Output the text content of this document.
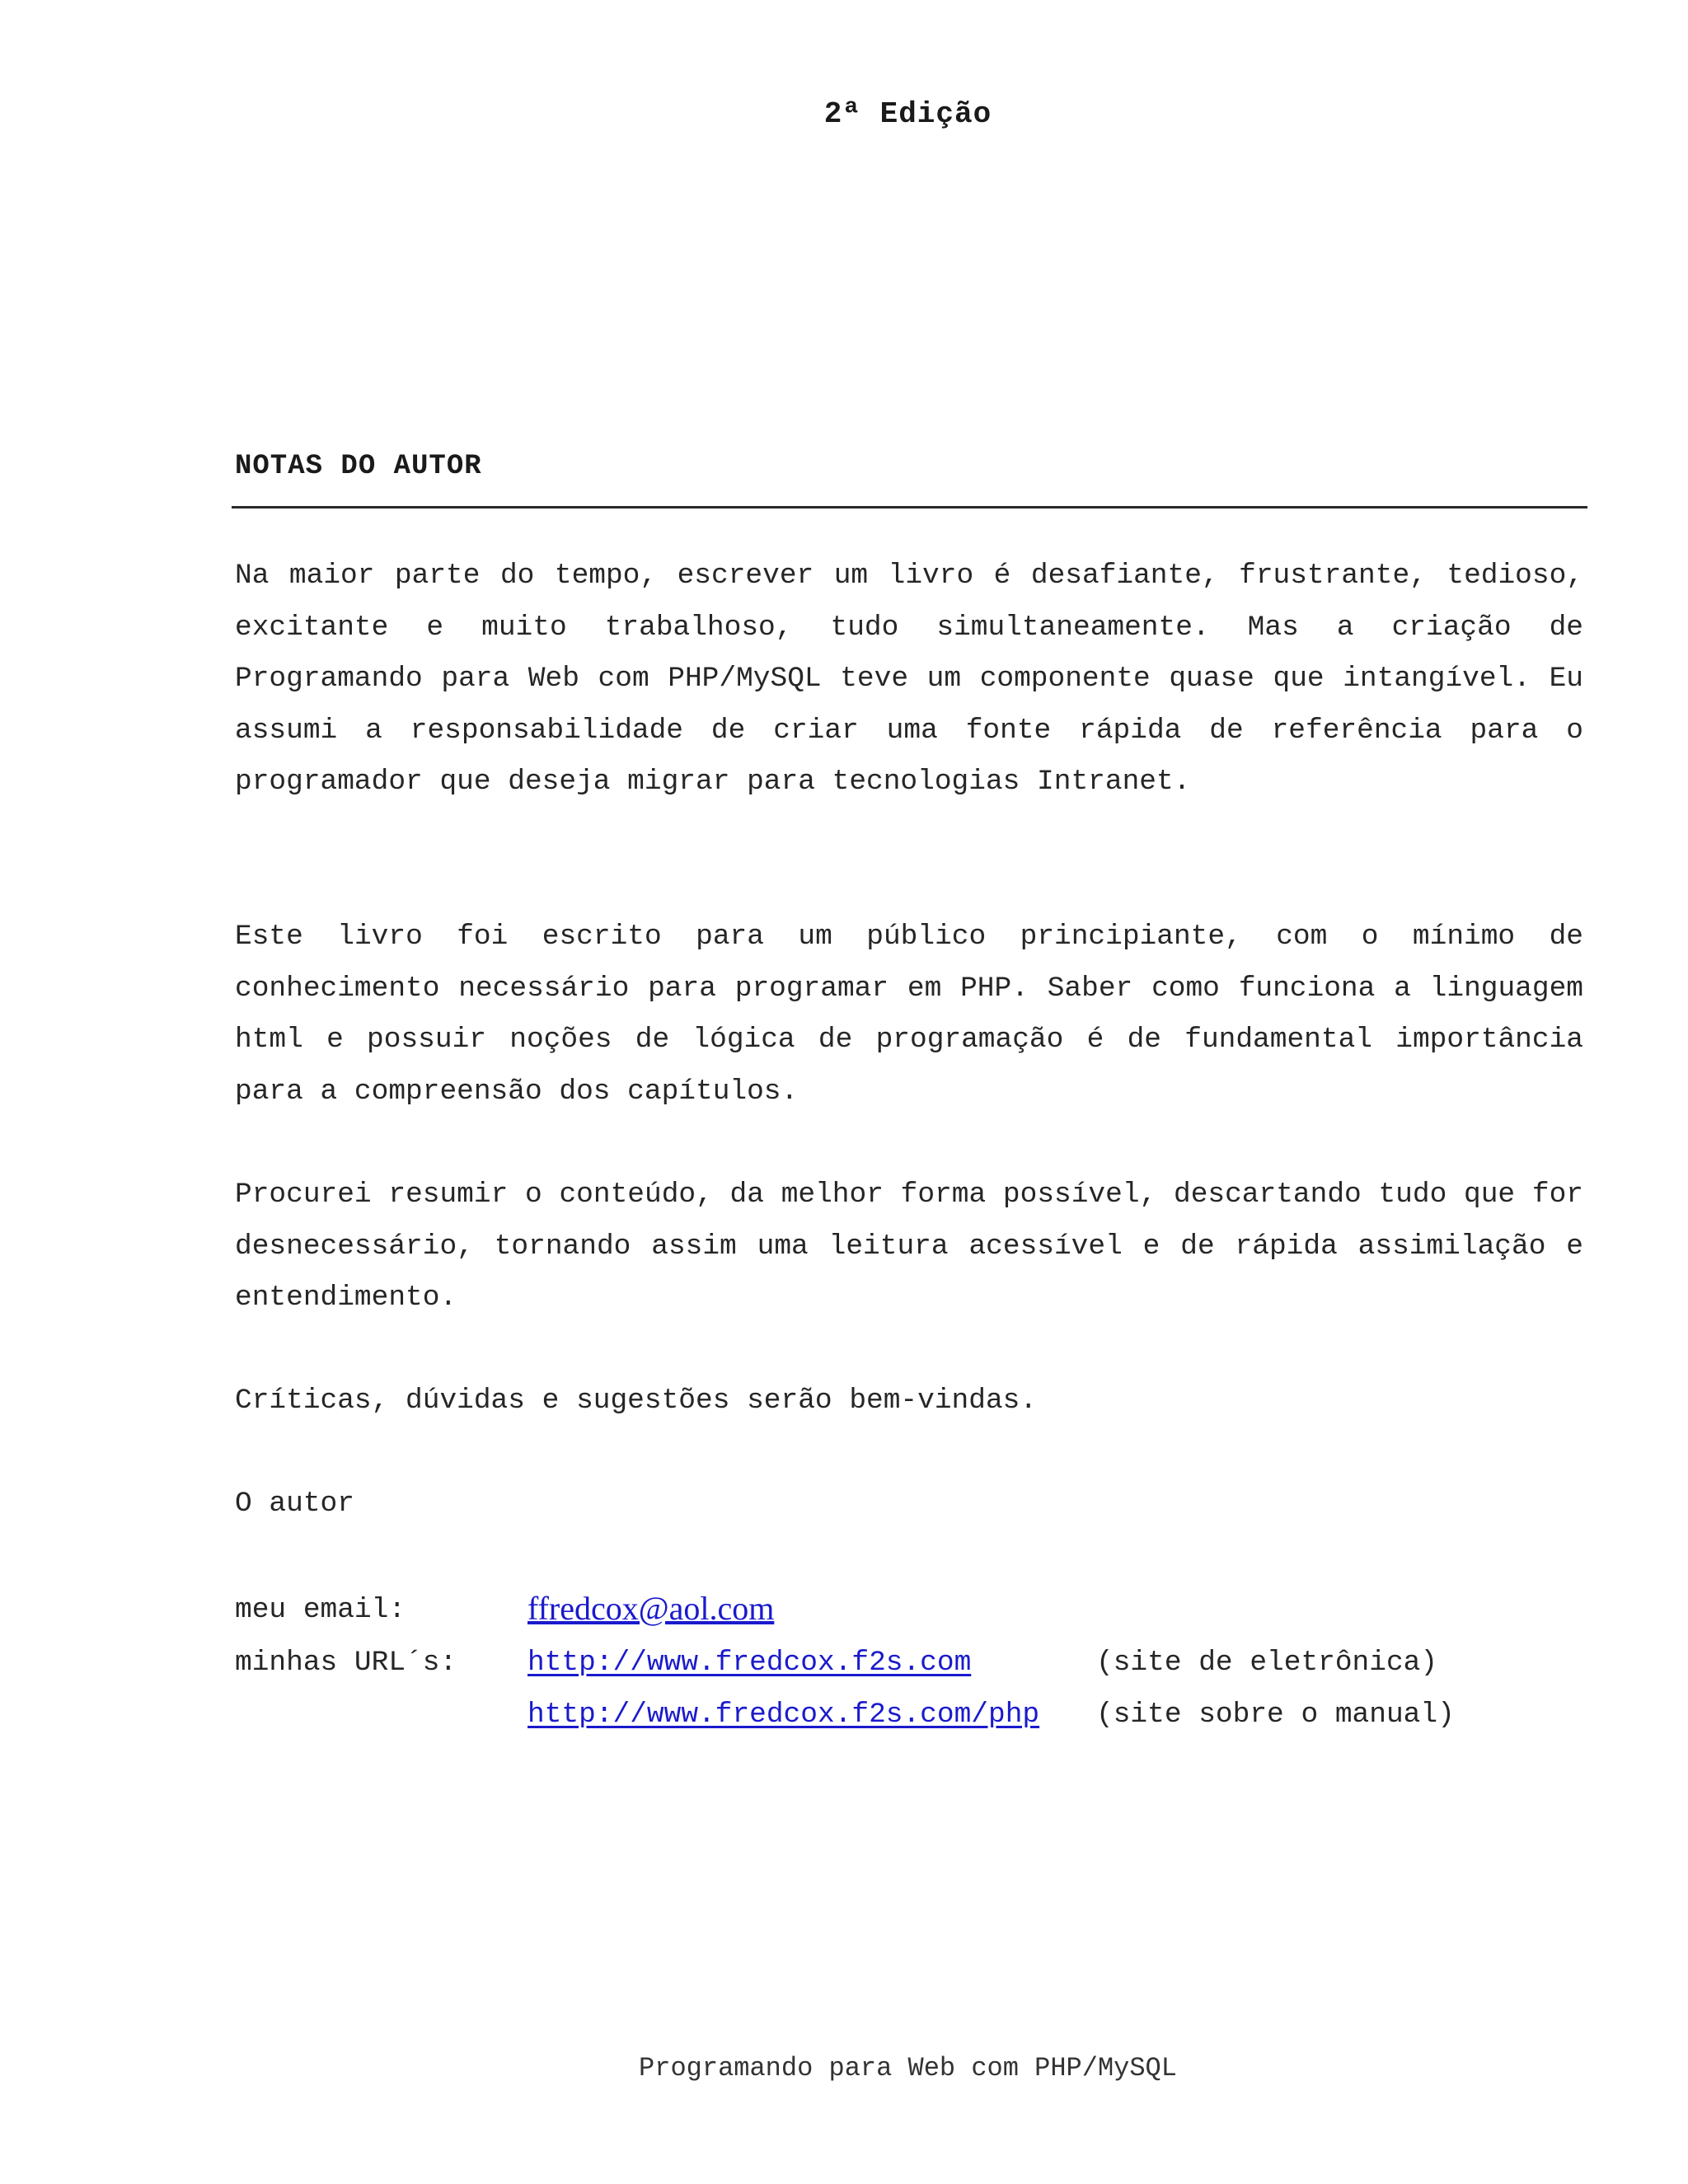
2ª Edição
NOTAS DO AUTOR

Na maior parte do tempo, escrever um livro é desafiante, frustrante, tedioso, excitante e muito trabalhoso, tudo simultaneamente. Mas a criação de Programando para Web com PHP/MySQL teve um componente quase que intangível. Eu assumi a responsabilidade de criar uma fonte rápida de referência para o programador que deseja migrar para tecnologias Intranet.

Este livro foi escrito para um público principiante, com o mínimo de conhecimento necessário para programar em PHP. Saber como funciona a linguagem html e possuir noções de lógica de programação é de fundamental importância para a compreensão dos capítulos.

Procurei resumir o conteúdo, da melhor forma possível, descartando tudo que for desnecessário, tornando assim uma leitura acessível e de rápida assimilação e entendimento.

Críticas, dúvidas e sugestões serão bem-vindas.

O autor

meu email:	ffredcox@aol.com
minhas URL´s: http://www.fredcox.f2s.com	(site de eletrônica)
http://www.fredcox.f2s.com/php (site sobre o manual)
Programando para Web com PHP/MySQL
